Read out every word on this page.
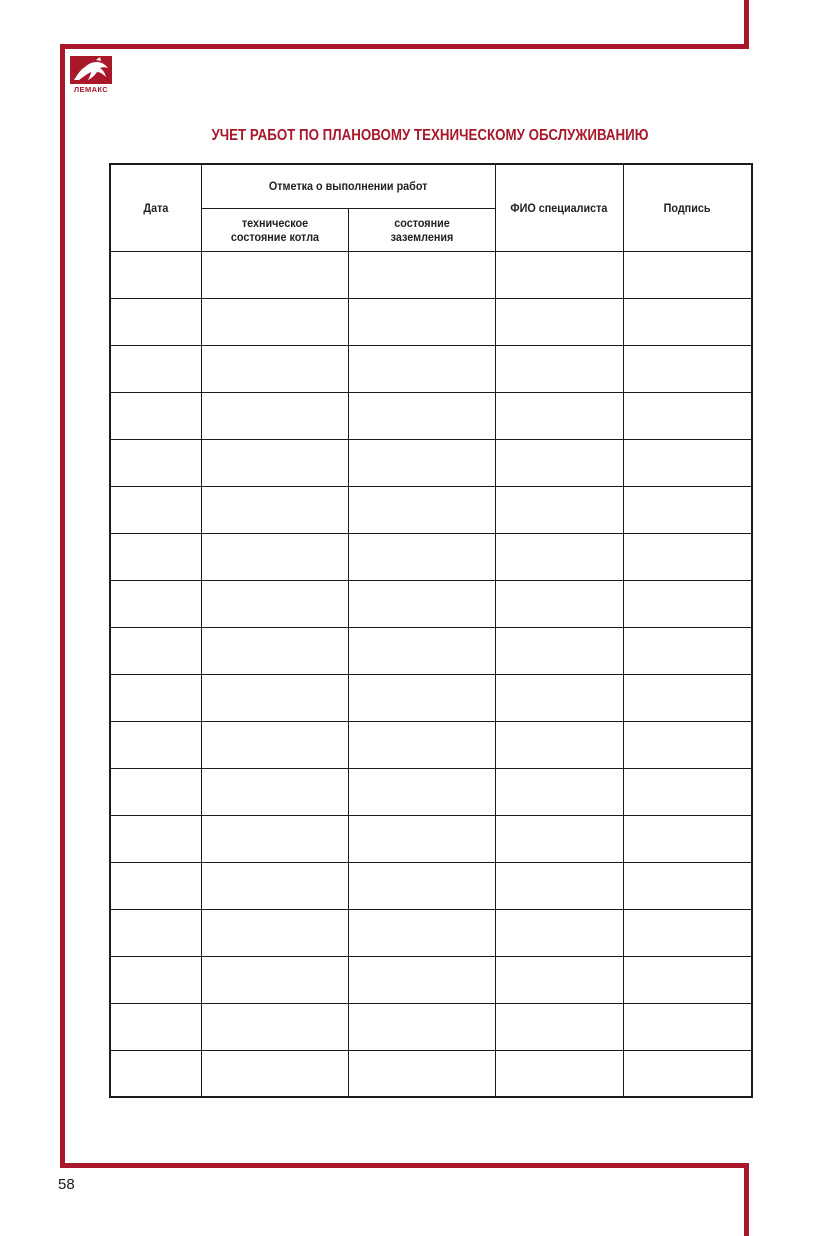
ЛЕМАКС
УЧЕТ РАБОТ ПО ПЛАНОВОМУ ТЕХНИЧЕСКОМУ ОБСЛУЖИВАНИЮ
Дата	Отметка о выполнении работ		ФИО специалиста	Подпись
	техническое состояние котла	состояние заземления		

58
